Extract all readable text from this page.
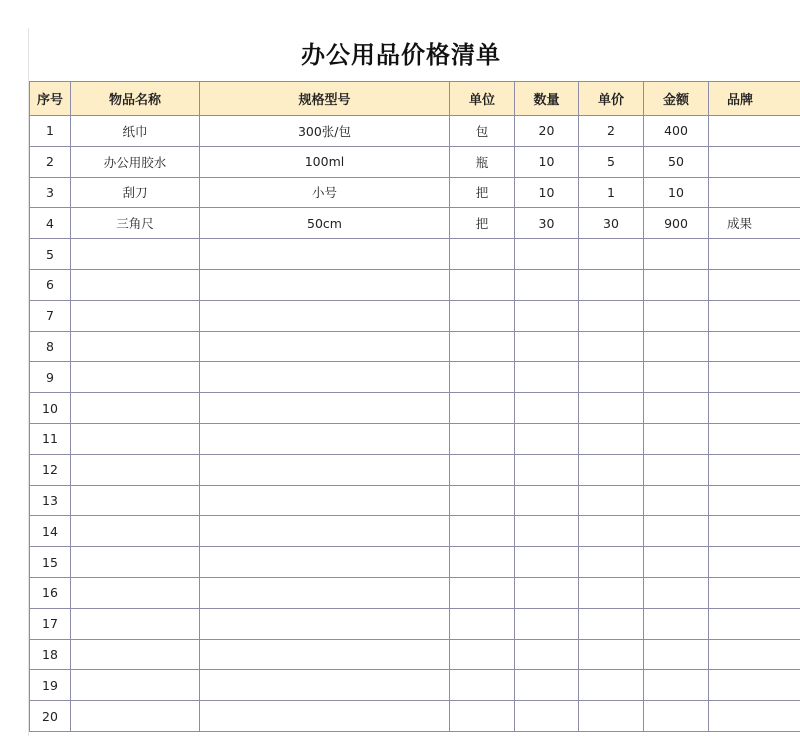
办公用品价格清单
序号	物品名称	规格型号	单位	数量	单价	金额	品牌
1	纸巾	300张/包	包	20	2	400	
2	办公用胶水	100ml	瓶	10	5	50	
3	刮刀	小号	把	10	1	10	
4	三角尺	50cm	把	30	30	900	成果
5							
6							
7							
8							
9							
10							
11							
12							
13							
14							
15							
16							
17							
18							
19							
20							
